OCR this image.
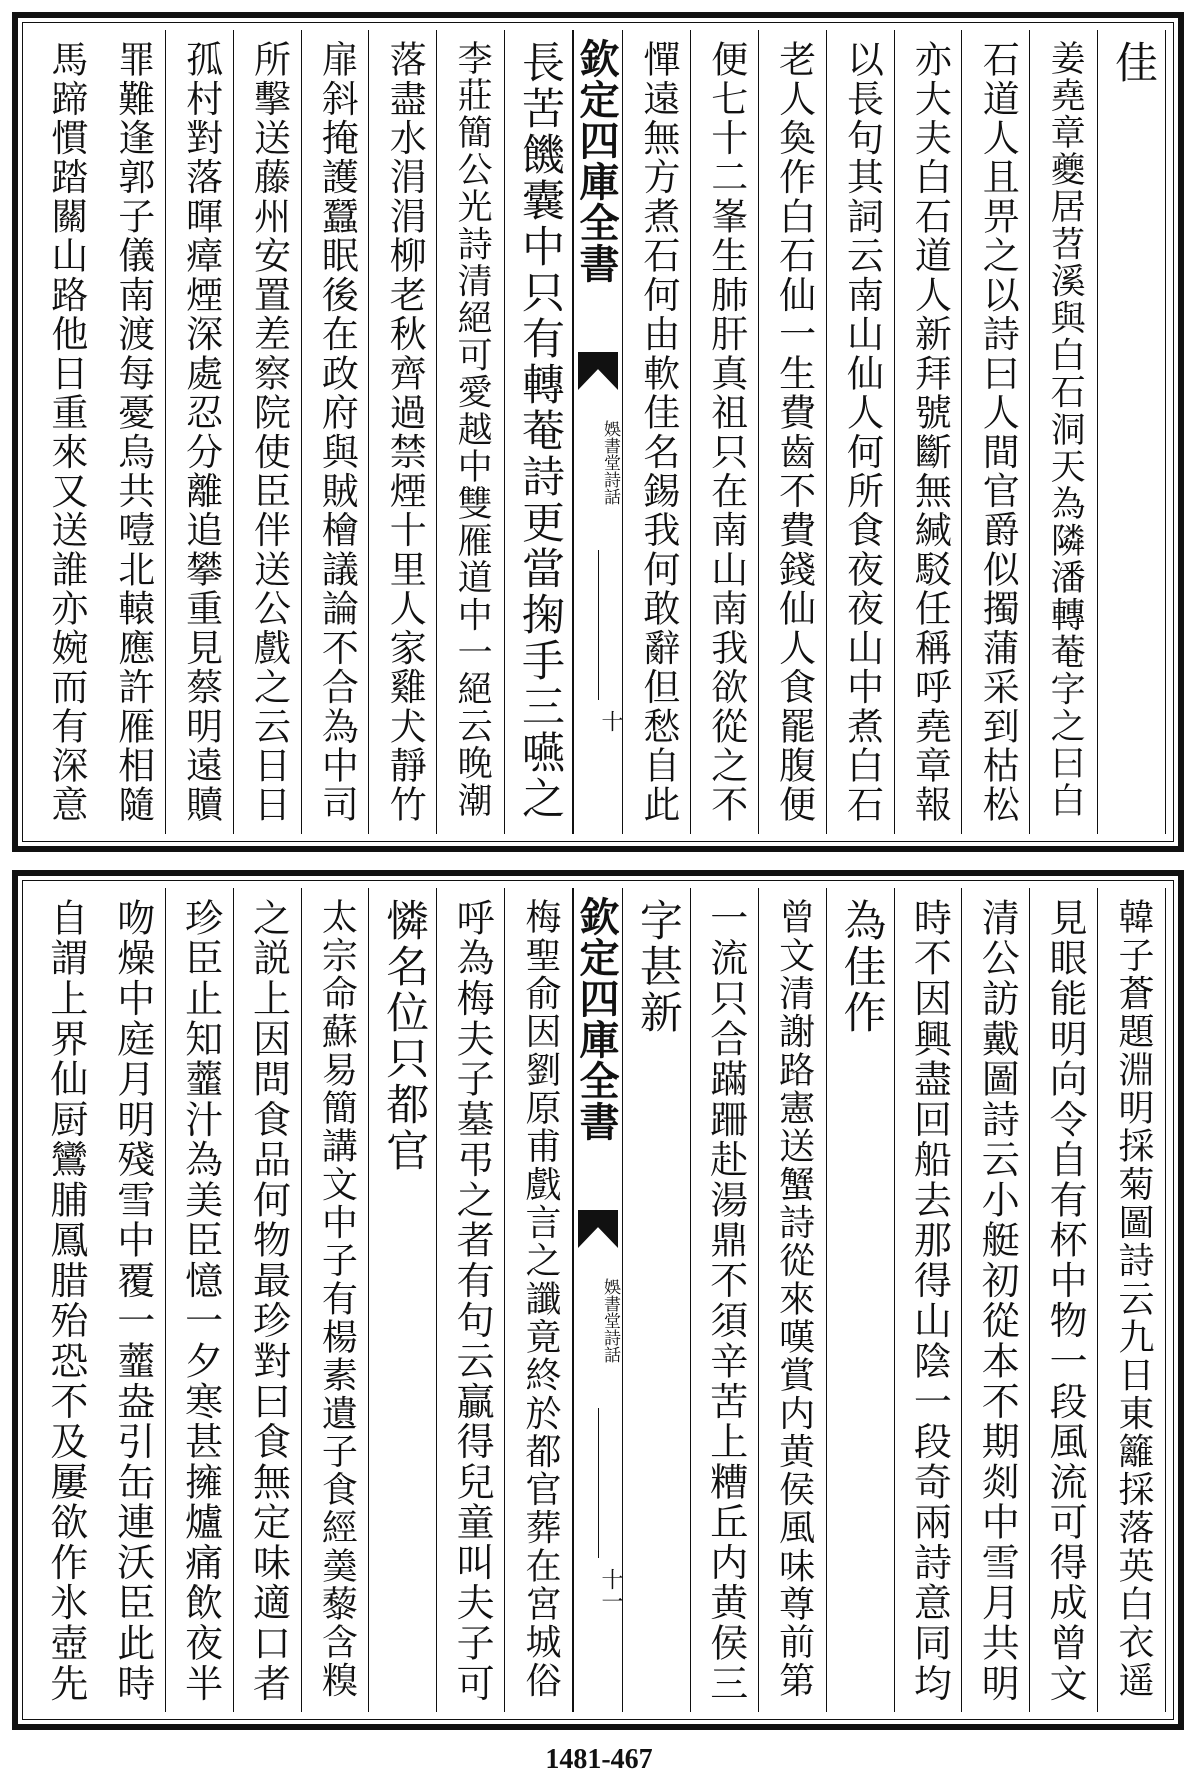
佳
姜堯章夔居苕溪與白石洞天為隣潘轉菴字之曰白
石道人且畀之以詩曰人間官爵似擉蒲采到枯松
亦大夫白石道人新拜號斷無緘駁任稱呼堯章報
以長句其詞云南山仙人何所食夜夜山中煮白石
老人奐作白石仙一生費齒不費錢仙人食罷腹便
便七十二峯生肺肝真祖只在南山南我欲從之不
憚遠無方煮石何由軟佳名錫我何敢辭但愁自此
欽定四庫全書
娛書堂詩話
十
長苦饑囊中只有轉菴詩更當掬手三嚥之
李莊簡公光詩清絕可愛越中雙雁道中一絕云晚潮
落盡水涓涓柳老秋齊過禁煙十里人家雞犬靜竹
扉斜掩護蠶眠後在政府與賊檜議論不合為中司
所擊送藤州安置差察院使臣伴送公戲之云日日
孤村對落暉瘴煙深處忍分離追攀重見蔡明遠贖
罪難逢郭子儀南渡每憂烏共噎北轅應許雁相隨
馬蹄慣踏關山路他日重來又送誰亦婉而有深意
韓子蒼題淵明採菊圖詩云九日東籬採落英白衣遥
見眼能明向令自有杯中物一段風流可得成曾文
清公訪戴圖詩云小艇初從本不期剡中雪月共明
時不因興盡回船去那得山陰一段奇兩詩意同均
為佳作
曾文清謝路憲送蟹詩從來嘆賞内黄侯風味尊前第
一流只合蹣跚赴湯鼎不須辛苦上糟丘内黄侯三
字甚新
欽定四庫全書
娛書堂詩話
十一
梅聖俞因劉原甫戲言之讖竟終於都官葬在宮城俗
呼為梅夫子墓弔之者有句云贏得兒童叫夫子可
憐名位只都官
太宗命蘇易簡講文中子有楊素遺子食經羮藜含糗
之説上因問食品何物最珍對曰食無定味適口者
珍臣止知虀汁為美臣憶一夕寒甚擁爐痛飲夜半
吻燥中庭月明殘雪中覆一虀盎引缶連沃臣此時
自謂上界仙厨鸞脯鳳腊殆恐不及屢欲作氷壺先
1481-467
